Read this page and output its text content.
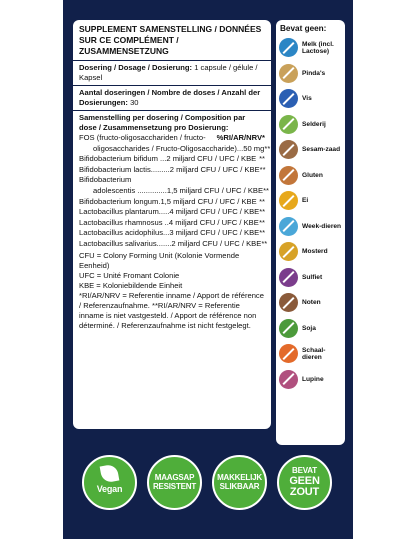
SUPPLEMENT SAMENSTELLING / DONNÉES SUR CE COMPLÉMENT / ZUSAMMENSETZUNG

Dosering / Dosage / Dosierung: 1 capsule / gélule / Kapsel

Aantal doseringen / Nombre de doses / Anzahl der Dosierungen: 30

Samenstelling per dosering / Composition par dose / Zusammensetzung pro Dosierung:
%RI/AR/NRV*

FOS (fructo-oligosacchariden / fructo-
oligosaccharides / Fructo-Oligosaccharide)...50 mg **
Bifidobacterium bifidum ...2 miljard CFU / UFC / KBE **
Bifidobacterium lactis.........2 miljard CFU / UFC / KBE **
Bifidobacterium
adolescentis ..............1,5 miljard CFU / UFC / KBE **
Bifidobacterium longum.1,5 miljard CFU / UFC / KBE **
Lactobacillus plantarum.....4 miljard CFU / UFC / KBE **
Lactobacillus rhamnosus ..4 miljard CFU / UFC / KBE **
Lactobacillus acidophilus...3 miljard CFU / UFC / KBE **
Lactobacillus salivarius.......2 miljard CFU / UFC / KBE **

CFU = Colony Forming Unit (Kolonie Vormende Eenheid)

UFC = Unité Fromant Colonie

KBE = Koloniebildende Einheit

*RI/AR/NRV = Referentie inname / Apport de référence / Referenzaufnahme. **RI/AR/NRV = Referentie inname is niet vastgesteld. / Apport de référence non déterminé. / Referenzaufnahme ist nicht festgelegt.

Bevat geen:
Melk (incl. Lactose)
Pinda's
Vis
Selderij
Sesam-zaad
Gluten
Ei
Week-dieren
Mosterd
Sulfiet
Noten
Soja
Schaal-dieren
Lupine
Vegan
MAAGSAP
RESISTENT
MAKKELIJK
SLIKBAAR
BEVAT
GEEN
ZOUT
